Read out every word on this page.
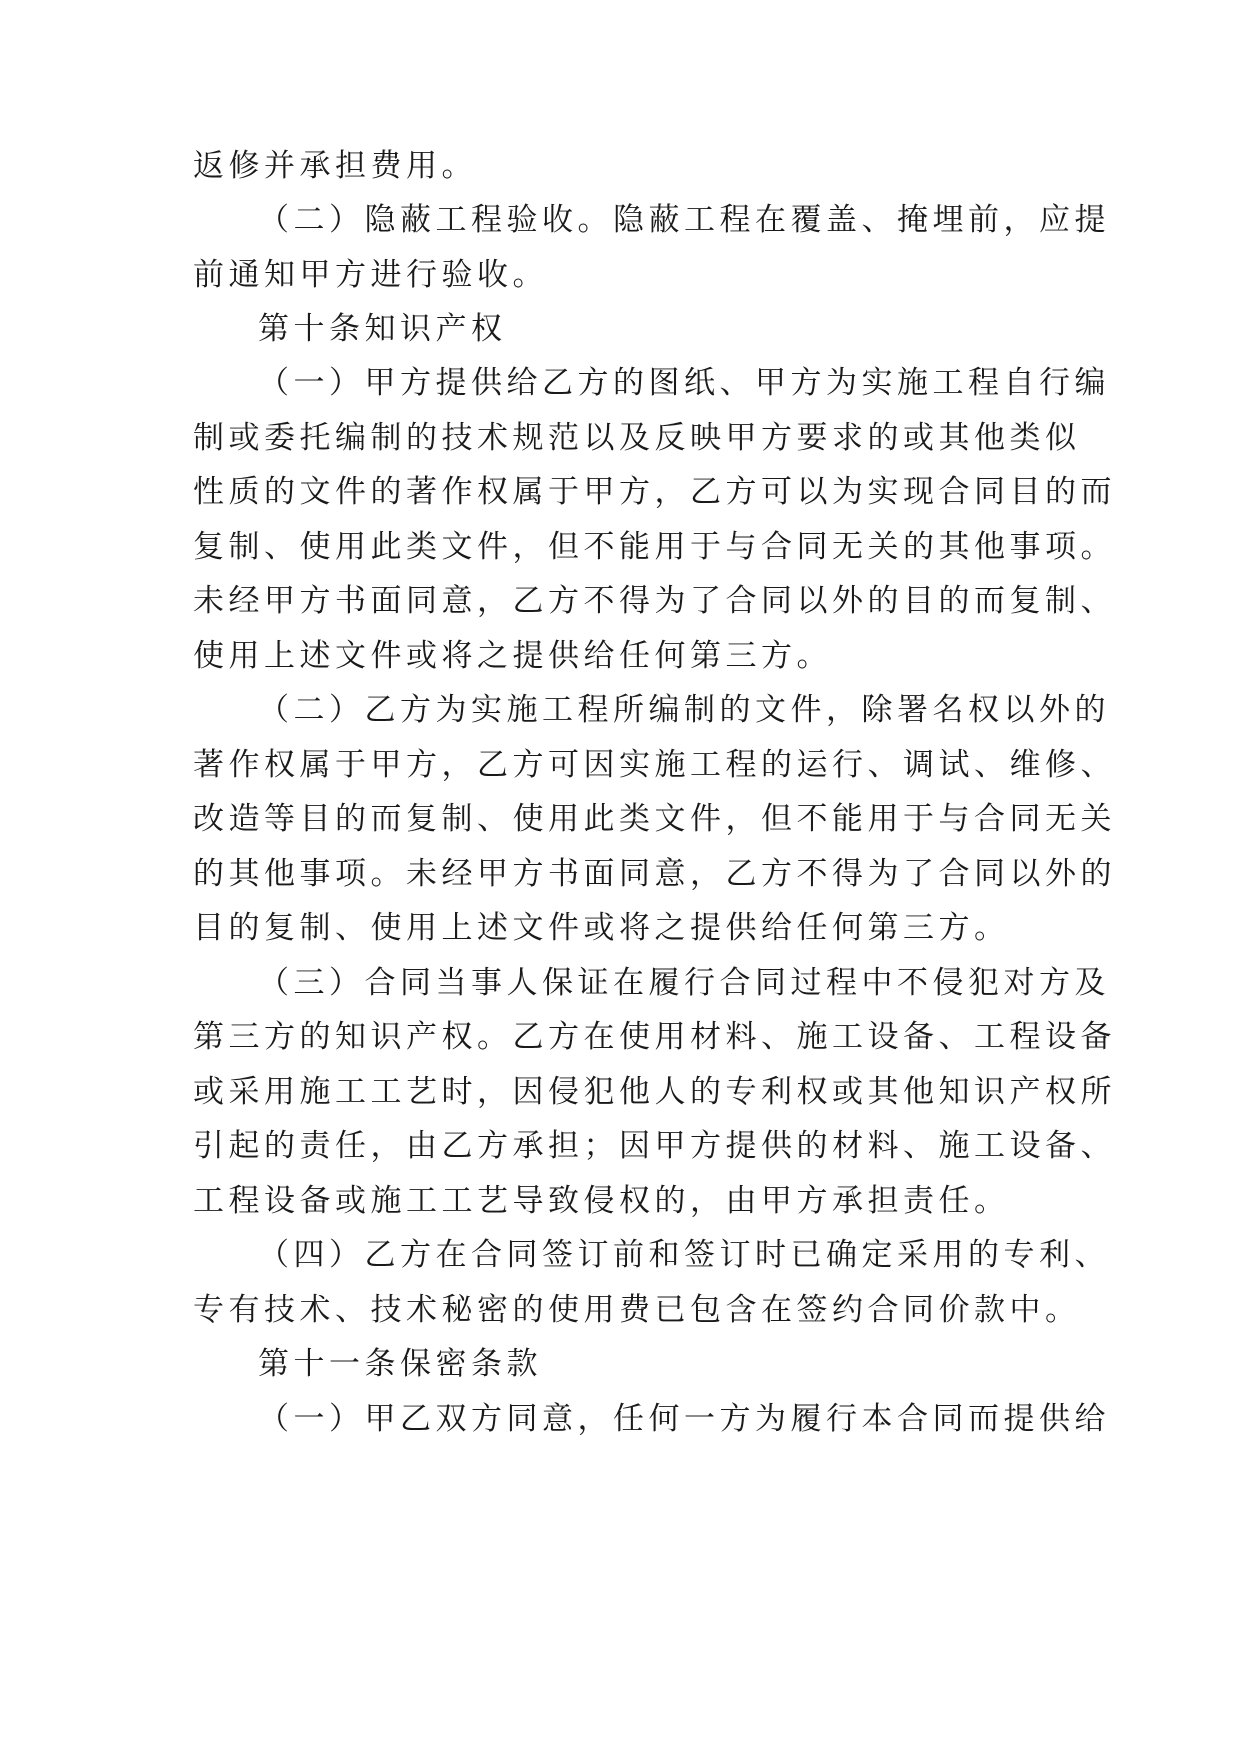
返修并承担费用。
（二）隐蔽工程验收。隐蔽工程在覆盖、掩埋前，应提
前通知甲方进行验收。
第十条知识产权
（一）甲方提供给乙方的图纸、甲方为实施工程自行编
制或委托编制的技术规范以及反映甲方要求的或其他类似
性质的文件的著作权属于甲方，乙方可以为实现合同目的而
复制、使用此类文件，但不能用于与合同无关的其他事项。
未经甲方书面同意，乙方不得为了合同以外的目的而复制、
使用上述文件或将之提供给任何第三方。
（二）乙方为实施工程所编制的文件，除署名权以外的
著作权属于甲方，乙方可因实施工程的运行、调试、维修、
改造等目的而复制、使用此类文件，但不能用于与合同无关
的其他事项。未经甲方书面同意，乙方不得为了合同以外的
目的复制、使用上述文件或将之提供给任何第三方。
（三）合同当事人保证在履行合同过程中不侵犯对方及
第三方的知识产权。乙方在使用材料、施工设备、工程设备
或采用施工工艺时，因侵犯他人的专利权或其他知识产权所
引起的责任，由乙方承担；因甲方提供的材料、施工设备、
工程设备或施工工艺导致侵权的，由甲方承担责任。
（四）乙方在合同签订前和签订时已确定采用的专利、
专有技术、技术秘密的使用费已包含在签约合同价款中。
第十一条保密条款
（一）甲乙双方同意，任何一方为履行本合同而提供给
